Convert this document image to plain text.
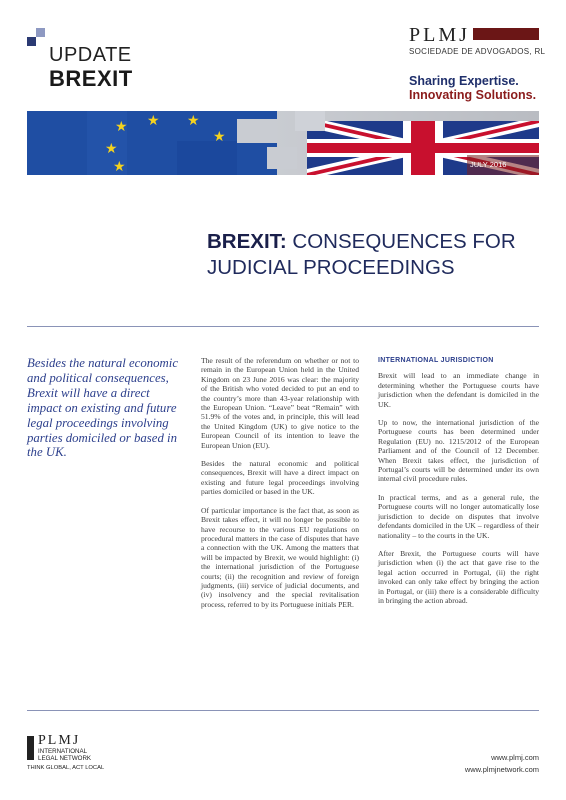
UPDATE
BREXIT
PLMJ
SOCIEDADE DE ADVOGADOS, RL
Sharing Expertise.
Innovating Solutions.
★ ★ ★
★
★
★	JULY 2016
BREXIT: CONSEQUENCES FOR
JUDICIAL PROCEEDINGS
Besides the natural economic and political consequences, Brexit will have a direct impact on existing and future legal proceedings involving parties domiciled or based in the UK.

The result of the referendum on whether or not to remain in the European Union held in the United Kingdom on 23 June 2016 was clear: the majority of the British who voted decided to put an end to the country’s more than 43-year relationship with the European Union. “Leave” beat “Remain” with 51.9% of the votes and, in principle, this will lead the United Kingdom (UK) to give notice to the European Council of its intention to leave the European Union (EU).

Besides the natural economic and political consequences, Brexit will have a direct impact on existing and future legal proceedings involving parties domiciled or based in the UK.

Of particular importance is the fact that, as soon as Brexit takes effect, it will no longer be possible to have recourse to the various EU regulations on procedural matters in the case of disputes that have a connection with the UK. Among the matters that will be impacted by Brexit, we would highlight: (i) the international jurisdiction of the Portuguese courts; (ii) the recognition and review of foreign judgments, (iii) service of judicial documents, and (iv) insolvency and the special revitalisation process, referred to by its Portuguese initials PER.

INTERNATIONAL JURISDICTION

Brexit will lead to an immediate change in determining whether the Portuguese courts have jurisdiction when the defendant is domiciled in the UK.

Up to now, the international jurisdiction of the Portuguese courts has been determined under Regulation (EU) no. 1215/2012 of the European Parliament and of the Council of 12 December. When Brexit takes effect, the jurisdiction of Portugal’s courts will be determined under its own internal civil procedure rules.

In practical terms, and as a general rule, the Portuguese courts will no longer automatically lose jurisdiction to decide on disputes that involve defendants domiciled in the UK – regardless of their nationality – to the courts in the UK.

After Brexit, the Portuguese courts will have jurisdiction when (i) the act that gave rise to the legal action occurred in Portugal, (ii) the right invoked can only take effect by bringing the action in Portugal, or (iii) there is a considerable difficulty in bringing the action abroad.

PLMJ
INTERNATIONAL
LEGAL NETWORK
THINK GLOBAL, ACT LOCAL
www.plmj.com
www.plmjnetwork.com
